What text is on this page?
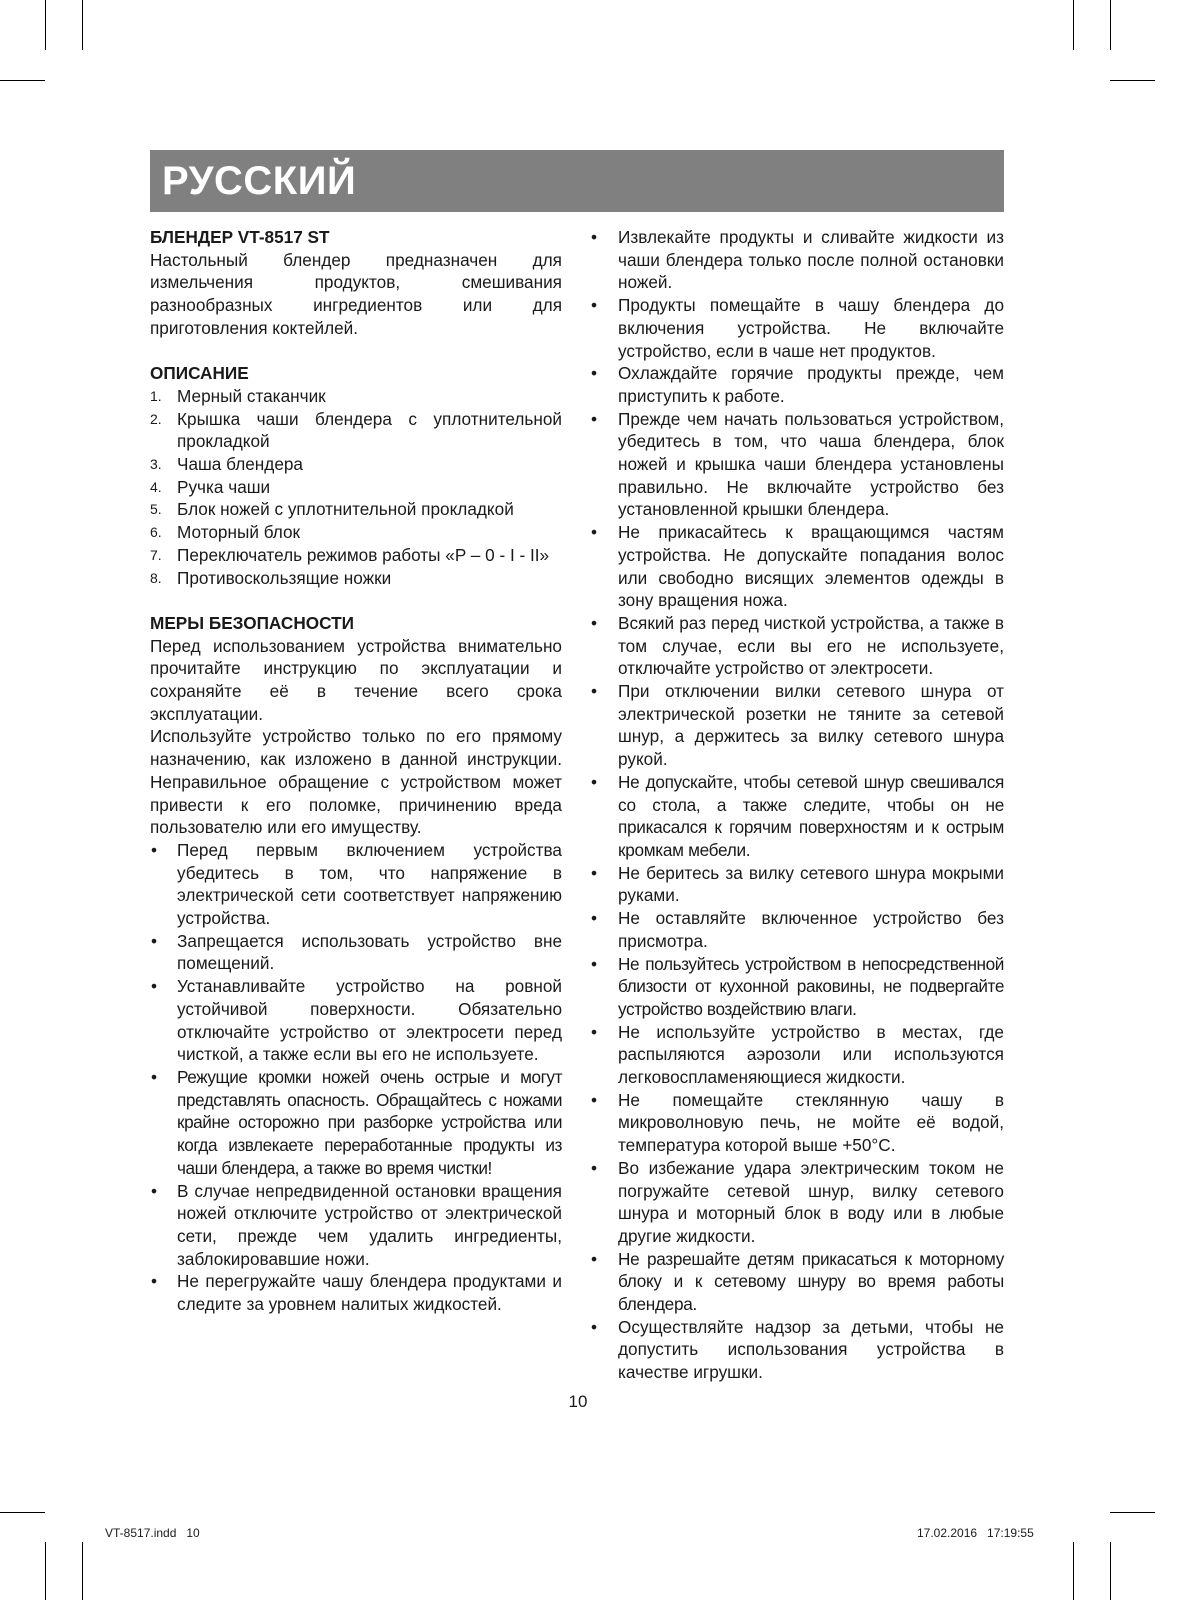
РУССКИЙ

БЛЕНДЕР VT-8517 ST

Настольный блендер предназначен для измельчения продуктов, смешивания разнообразных ингредиентов или для приготовления коктейлей.

ОПИСАНИЕ

1. Мерный стаканчик
2. Крышка чаши блендера с уплотнительной прокладкой
3. Чаша блендера
4. Ручка чаши
5. Блок ножей с уплотнительной прокладкой
6. Моторный блок
7. Переключатель режимов работы «P – 0 - I - II»
8. Противоскользящие ножки

МЕРЫ БЕЗОПАСНОСТИ

Перед использованием устройства внимательно прочитайте инструкцию по эксплуатации и сохраняйте её в течение всего срока эксплуатации.

Используйте устройство только по его прямому назначению, как изложено в данной инструкции. Неправильное обращение с устройством может привести к его поломке, причинению вреда пользователю или его имуществу.

• Перед первым включением устройства убедитесь в том, что напряжение в электрической сети соответствует напряжению устройства.
• Запрещается использовать устройство вне помещений.
• Устанавливайте устройство на ровной устойчивой поверхности. Обязательно отключайте устройство от электросети перед чисткой, а также если вы его не используете.
• Режущие кромки ножей очень острые и могут представлять опасность. Обращайтесь с ножами крайне осторожно при разборке устройства или когда извлекаете переработанные продукты из чаши блендера, а также во время чистки!
• В случае непредвиденной остановки вращения ножей отключите устройство от электрической сети, прежде чем удалить ингредиенты, заблокировавшие ножи.
• Не перегружайте чашу блендера продуктами и следите за уровнем налитых жидкостей.
• Извлекайте продукты и сливайте жидкости из чаши блендера только после полной остановки ножей.
• Продукты помещайте в чашу блендера до включения устройства. Не включайте устройство, если в чаше нет продуктов.
• Охлаждайте горячие продукты прежде, чем приступить к работе.
• Прежде чем начать пользоваться устройством, убедитесь в том, что чаша блендера, блок ножей и крышка чаши блендера установлены правильно. Не включайте устройство без установленной крышки блендера.
• Не прикасайтесь к вращающимся частям устройства. Не допускайте попадания волос или свободно висящих элементов одежды в зону вращения ножа.
• Всякий раз перед чисткой устройства, а также в том случае, если вы его не используете, отключайте устройство от электросети.
• При отключении вилки сетевого шнура от электрической розетки не тяните за сетевой шнур, а держитесь за вилку сетевого шнура рукой.
• Не допускайте, чтобы сетевой шнур свешивался со стола, а также следите, чтобы он не прикасался к горячим поверхностям и к острым кромкам мебели.
• Не беритесь за вилку сетевого шнура мокрыми руками.
• Не оставляйте включенное устройство без присмотра.
• Не пользуйтесь устройством в непосредственной близости от кухонной раковины, не подвергайте устройство воздействию влаги.
• Не используйте устройство в местах, где распыляются аэрозоли или используются легковоспламеняющиеся жидкости.
• Не помещайте стеклянную чашу в микроволновую печь, не мойте её водой, температура которой выше +50°С.
• Во избежание удара электрическим током не погружайте сетевой шнур, вилку сетевого шнура и моторный блок в воду или в любые другие жидкости.
• Не разрешайте детям прикасаться к моторному блоку и к сетевому шнуру во время работы блендера.
• Осуществляйте надзор за детьми, чтобы не допустить использования устройства в качестве игрушки.
10
VT-8517.indd   10	17.02.2016   17:19:55
